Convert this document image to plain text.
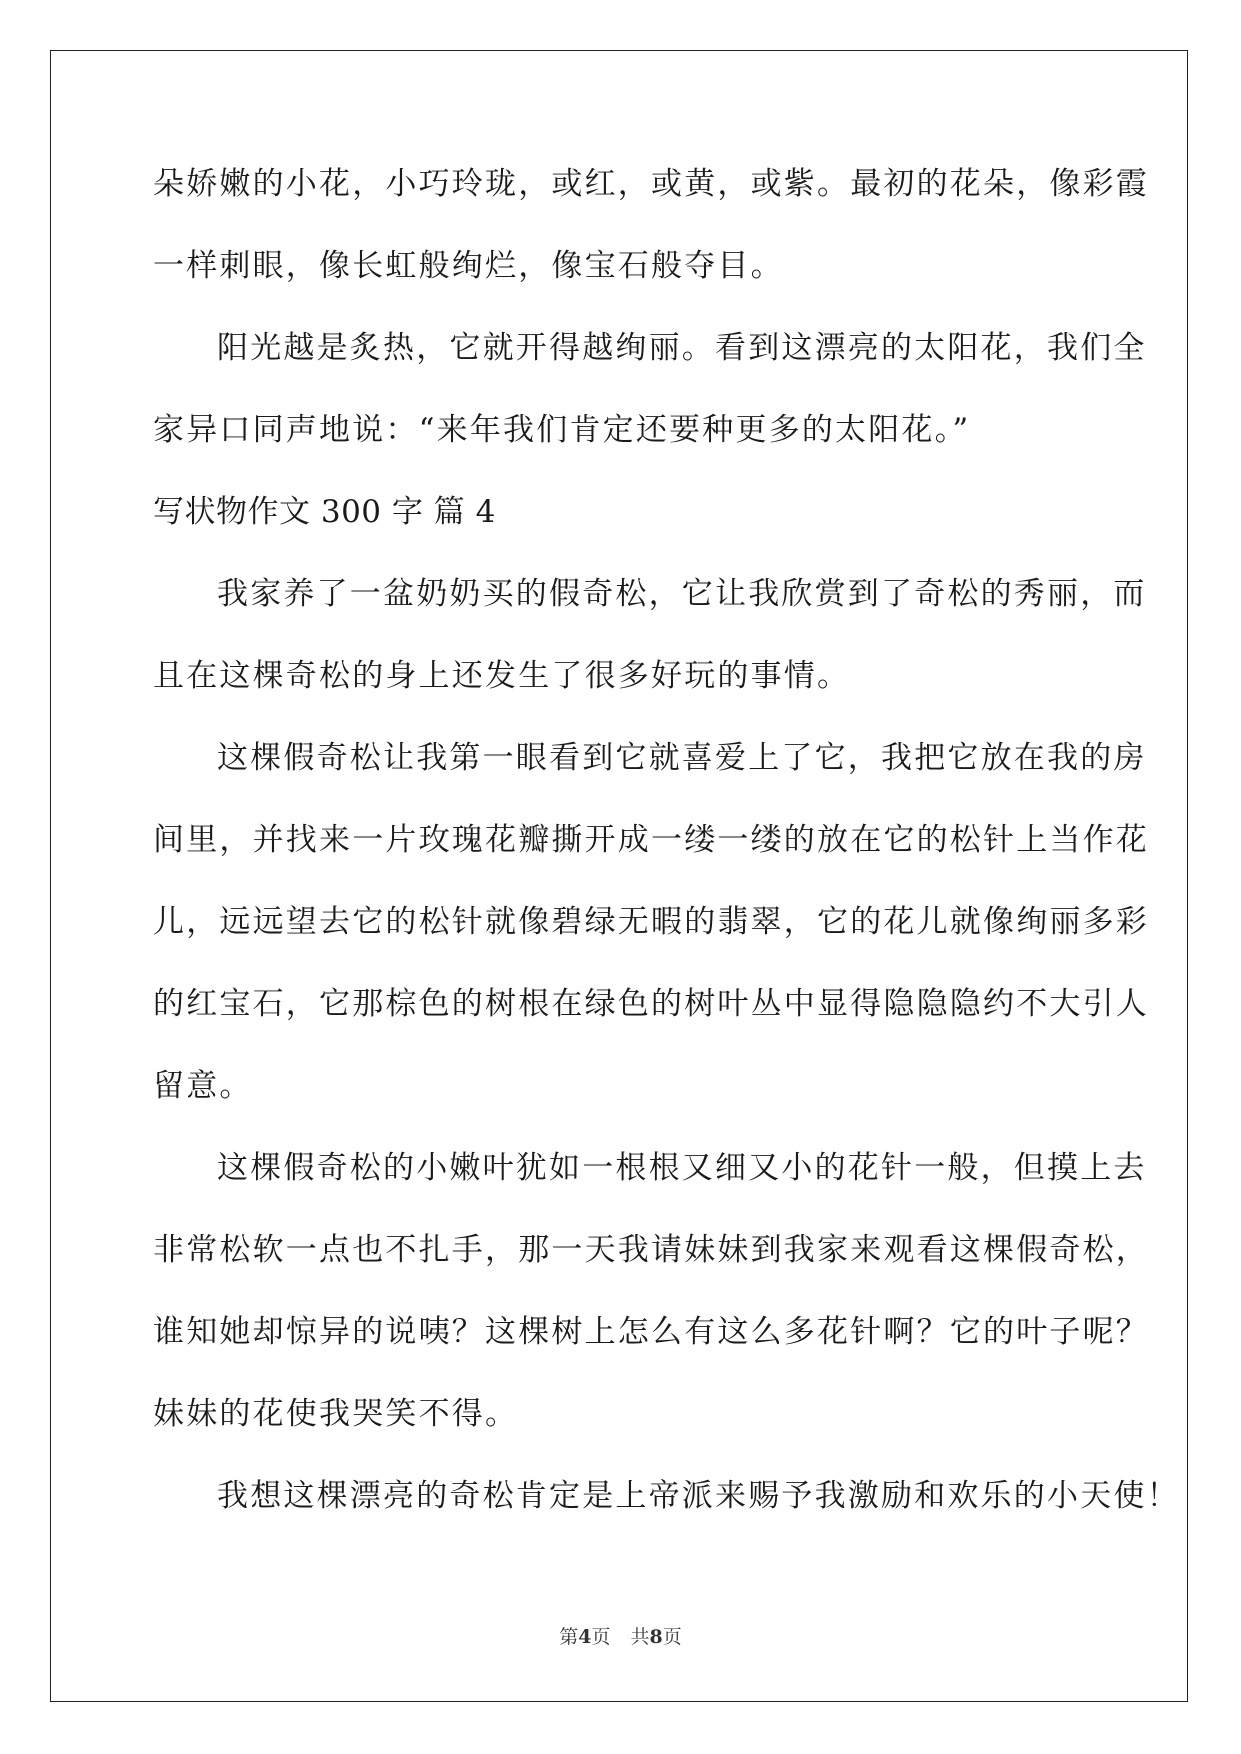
朵娇嫩的小花，小巧玲珑，或红，或黄，或紫。最初的花朵，像彩霞
一样刺眼，像长虹般绚烂，像宝石般夺目。
阳光越是炙热，它就开得越绚丽。看到这漂亮的太阳花，我们全
家异口同声地说：“来年我们肯定还要种更多的太阳花。”
写状物作文 300 字 篇 4
我家养了一盆奶奶买的假奇松，它让我欣赏到了奇松的秀丽，而
且在这棵奇松的身上还发生了很多好玩的事情。
这棵假奇松让我第一眼看到它就喜爱上了它，我把它放在我的房
间里，并找来一片玫瑰花瓣撕开成一缕一缕的放在它的松针上当作花
儿，远远望去它的松针就像碧绿无暇的翡翠，它的花儿就像绚丽多彩
的红宝石，它那棕色的树根在绿色的树叶丛中显得隐隐隐约不大引人
留意。
这棵假奇松的小嫩叶犹如一根根又细又小的花针一般，但摸上去
非常松软一点也不扎手，那一天我请妹妹到我家来观看这棵假奇松，
谁知她却惊异的说咦？这棵树上怎么有这么多花针啊？它的叶子呢？
妹妹的花使我哭笑不得。
我想这棵漂亮的奇松肯定是上帝派来赐予我激励和欢乐的小天使！
第4页 共8页
